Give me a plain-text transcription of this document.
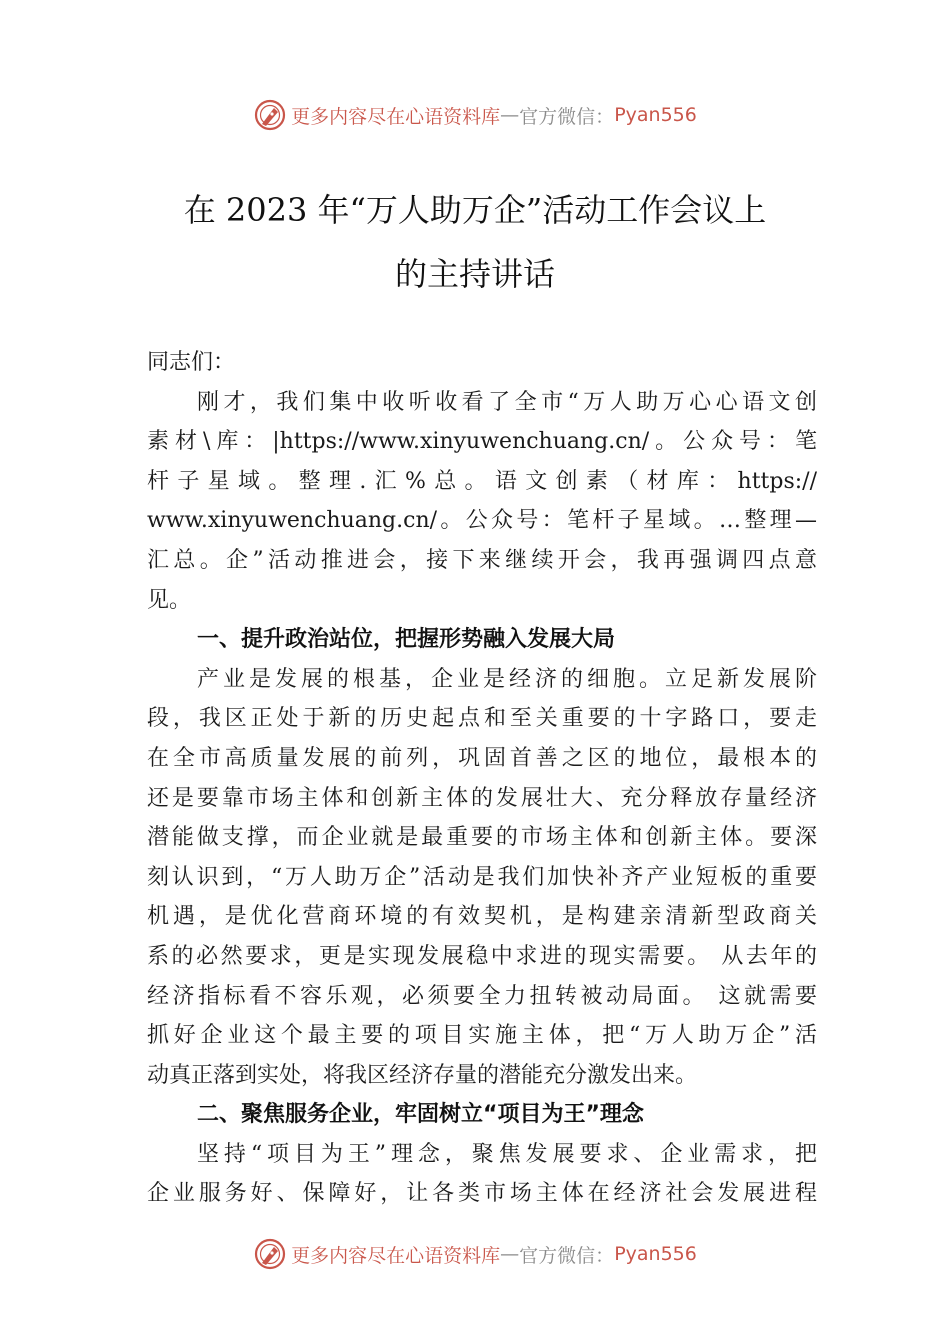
更多内容尽在心语资料库 — 官方微信： Pyan556
在 2023 年“万人助万企”活动工作会议上
的主持讲话
同志们：
刚才，我们集中收听收看了全市“万人助万心心语文创
素材\库：|https://www.xinyuwenchuang.cn/。公众号：笔
杆子星域。整理.汇%总。语文创素（材库：https://
www.xinyuwenchuang.cn/。公众号：笔杆子星域。…整理—
汇总。企”活动推进会，接下来继续开会，我再强调四点意
见。
一、提升政治站位，把握形势融入发展大局
产业是发展的根基，企业是经济的细胞。立足新发展阶
段，我区正处于新的历史起点和至关重要的十字路口，要走
在全市高质量发展的前列，巩固首善之区的地位，最根本的
还是要靠市场主体和创新主体的发展壮大、充分释放存量经济
潜能做支撑，而企业就是最重要的市场主体和创新主体。要深
刻认识到，“万人助万企”活动是我们加快补齐产业短板的重要
机遇，是优化营商环境的有效契机，是构建亲清新型政商关
系的必然要求，更是实现发展稳中求进的现实需要。 从去年的
经济指标看不容乐观，必须要全力扭转被动局面。 这就需要
抓好企业这个最主要的项目实施主体，把“万人助万企”活
动真正落到实处，将我区经济存量的潜能充分激发出来。
二、聚焦服务企业，牢固树立“项目为王”理念
坚持“项目为王”理念，聚焦发展要求、企业需求，把
企业服务好、保障好，让各类市场主体在经济社会发展进程
更多内容尽在心语资料库 — 官方微信： Pyan556
